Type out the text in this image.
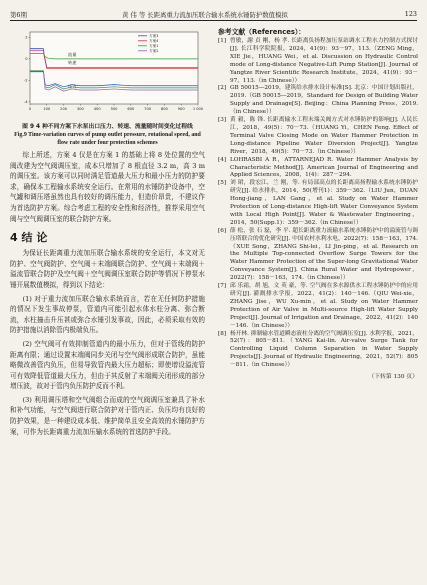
第6期	黄 伟 等 长距离重力流加压联合输水系统水锤防护数值模拟	123
0	100	200	300	400	500	600	700	800	900 1 000
2
0
-2
-4
方案3
方案4
方案1
方案2
转速
流量
压力
图 9 4 种不同方案下水泵出口压力、转速、流量随时间变化过程线
Fig.9 Time-variation curves of pump outlet pressure, rotational speed, and flow rate under four protection schemes

综上所述，方案 4 仅是在方案 1 的基础上将 8 处位置的空气阀改建为空气阀调压室，成本只增加了 8 根直径 3.2 m，高 3 m 的调压室。该方案可以同时满足管道最大压力和最小压力的防护要求，确保本工程输水系统安全运行。在常用的水锤防护设备中，空气罐和调压塔虽然也具有较好的调压能力，但造价昂贵，不建议作为首选防护方案。综合考虑工程的安全性和经济性，推荐采用空气阀与空气阀调压室的联合防护方案。

4 结 论

为保证长距离重力流加压联合输水系统的安全运行，本文对无防护、空气阀防护、空气阀＋末端阀联合防护、空气阀＋末端阀＋溢流管联合防护及空气阀＋空气阀调压室联合防护等情况下停泵水锤开展数值模拟，得到以下结论：

(1) 对于重力流加压联合输水系统而言，若在无任何防护措施的情况下发生事故停泵，管道内可能引起水体水柱分离、弥合断流，水柱撞击升压甚或弥合水锤引发事故，因此，必须采取有效的防护措施以消除管内极端负压。

(2) 空气阀可有效抑制管道内的最小压力，但对于管线的防护距离有限；通过设置末端阀同步关闭与空气阀形成联合防护，虽能略微改善管内负压，但易导致管内最大压力超标；即使增设溢流管可有效降低管道最大压力，但由于其反射了末端阀关闭形成的部分增压波，故对于管内负压防护反而不利。

(3) 利用调压塔和空气阀组合而成的空气阀调压室兼具了补水和补气功能，与空气阀进行联合防护对于管内正、负压均有良好的防护效果，是一种建设成本低、维护简单且安全高效的水锤防护方案，可作为长距离重力流加压输水系统的首选防护手段。

参考文献（References）：

[1] 曾敏，謝 貞 剛，杨 孝. 长距离负扬程加压泵站调水工程水力控制方式探讨[J]. 长江科学院院报，2024，41(9)：93－97，113.（ZENG Ming，XIE Jie，HUANG Wei，et al. Discussion on Hydraulic Control mode of Long-distance Negative-Lift Pump Station[J]. Journal of Yangtze River Scientific Research Institute，2024，41(9)：93－97，113.（in Chinese））

[2] GB 50015—2019，建筑给水排水设计标准[S]. 北京：中国计划出版社，2019.（GB 50015—2019，Standard for Design of Building Water Supply and Drainage[S]. Beijing：China Planning Press，2019.（in Chinese））

[3] 黄 毅，陈 锋. 长距离输水工程末端关阀方式对水锤防护的影响[J]. 人民长江，2018，49(5)：70－73.（HUANG Yi，CHEN Feng. Effect of Terminal Valve Closing Mode on Water Hammer Protection in Long-distance Pipeline Water Diversion Project[J]. Yangtze River，2018，49(5)：70－73.（in Chinese））

[4] LOHRASBI A R，ATTARNEJAD R. Water Hammer Analysis by Characteristic Method[J]. American Journal of Engineering and Applied Sciences，2008，1(4)：287－294.

[5] 刘 珺，段宏江，兰 刚，等. 有局部高点的长距离高扬程输水系统水锤防护研究[J]. 给水排水，2014，50(增刊1)：359－362.（LIU Jun，DUAN Hong-jiang，LAN Gang，et al. Study on Water Hammer Protection of Long-distance High-lift Water Conveyance System with Local High Point[J]. Water & Wastewater Engineering，2014，50(Supp.1)：359－362.（in Chinese））

[6] 薛 松，张 石 磊，李 平. 超长距离重力流输水系统水锤防护中的溢流管与调压塔联合的优化研究[J]. 中国农村水利水电，2022(7)：158－163，174.（XUE Song，ZHANG Shi-lei，LI Jin-ping，et al. Research on the Multiple Top-connected Overflow Surge Towers for the Water Hammer Protection of the Super-long Gravitational Water Conveyance System[J]. China Rural Water and Hydropower，2022(7)：158－163，174.（in Chinese））

[7] 邱 乐霜，胡 旭，文 英 豪，等. 空气阀在多水源供水工程水锤防护中的应用研究[J]. 灌溉排水学报，2022，41(2)：140－146.（QIU Wei-xie，ZHANG Jise，WU Xu-min，et al. Study on Water Hammer Protection of Air Valve in Multi-source High-lift Water Supply Project[J]. Journal of Irrigation and Drainage，2022，41(2)：140－146.（in Chinese））

[8] 杨开林. 抑制输水管道瞬态液柱分离的空气阀调压室[J]. 水利学报，2021，52(7)：805－811.（YANG Kai-lin. Air-valve Surge Tank for Controlling Liquid Column Separation in Water Supply Projects[J]. Journal of Hydraulic Engineering，2021，52(7)：805－811.（in Chinese））

（下转第 130 页）
